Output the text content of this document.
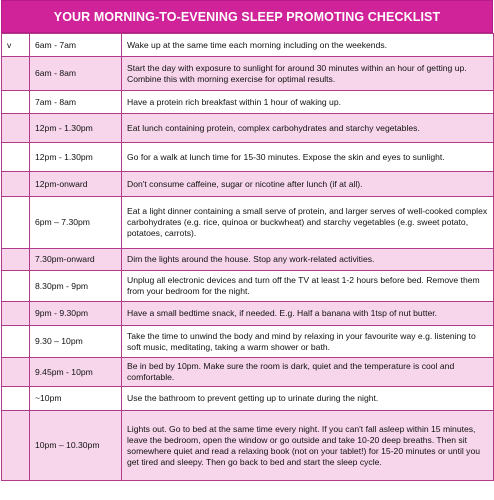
YOUR MORNING-TO-EVENING SLEEP PROMOTING CHECKLIST
v	6am - 7am	Wake up at the same time each morning including on the weekends.
	6am - 8am	Start the day with exposure to sunlight for around 30 minutes within an hour of getting up. Combine this with morning exercise for optimal results.
	7am - 8am	Have a protein rich breakfast within 1 hour of waking up.
	12pm - 1.30pm	Eat lunch containing protein, complex carbohydrates and starchy vegetables.
	12pm - 1.30pm	Go for a walk at lunch time for 15-30 minutes. Expose the skin and eyes to sunlight.
	12pm-onward	Don't consume caffeine, sugar or nicotine after lunch (if at all).
	6pm – 7.30pm	Eat a light dinner containing a small serve of protein, and larger serves of well-cooked complex carbohydrates (e.g. rice, quinoa or buckwheat) and starchy vegetables (e.g. sweet potato, potatoes, carrots).
	7.30pm-onward	Dim the lights around the house. Stop any work-related activities.
	8.30pm - 9pm	Unplug all electronic devices and turn off the TV at least 1-2 hours before bed. Remove them from your bedroom for the night.
	9pm - 9.30pm	Have a small bedtime snack, if needed. E.g. Half a banana with 1tsp of nut butter.
	9.30 – 10pm	Take the time to unwind the body and mind by relaxing in your favourite way e.g. listening to soft music, meditating, taking a warm shower or bath.
	9.45pm - 10pm	Be in bed by 10pm. Make sure the room is dark, quiet and the temperature is cool and comfortable.
	~10pm	Use the bathroom to prevent getting up to urinate during the night.
	10pm – 10.30pm	Lights out. Go to bed at the same time every night. If you can't fall asleep within 15 minutes, leave the bedroom, open the window or go outside and take 10-20 deep breaths. Then sit somewhere quiet and read a relaxing book (not on your tablet!) for 15-20 minutes or until you get tired and sleepy. Then go back to bed and start the sleep cycle.
